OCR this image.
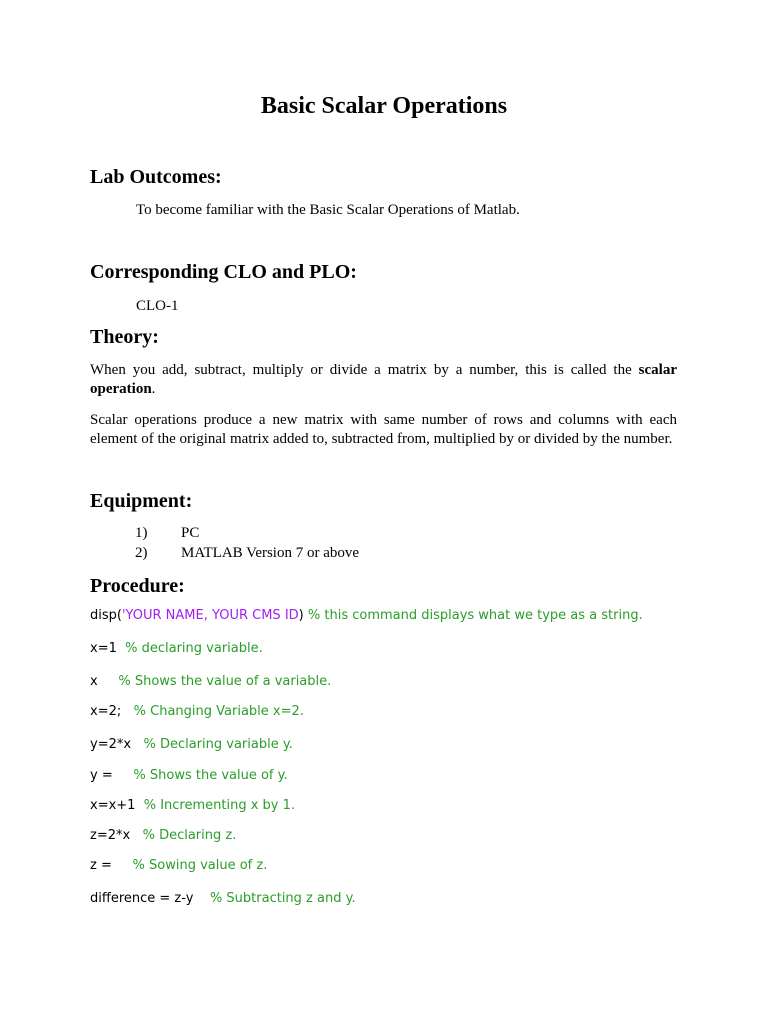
Basic Scalar Operations
Lab Outcomes:
To become familiar with the Basic Scalar Operations of Matlab.
Corresponding CLO and PLO:
CLO-1
Theory:
When you add, subtract, multiply or divide a matrix by a number, this is called the scalar operation.
Scalar operations produce a new matrix with same number of rows and columns with each element of the original matrix added to, subtracted from, multiplied by or divided by the number.
Equipment:
1) PC
2) MATLAB Version 7 or above
Procedure:
disp('YOUR NAME, YOUR CMS ID) % this command displays what we type as a string.
x=1  % declaring variable.
x     % Shows the value of a variable.
x=2;   % Changing Variable x=2.
y=2*x   % Declaring variable y.
y =     % Shows the value of y.
x=x+1  % Incrementing x by 1.
z=2*x   % Declaring z.
z =     % Sowing value of z.
difference = z-y    % Subtracting z and y.
